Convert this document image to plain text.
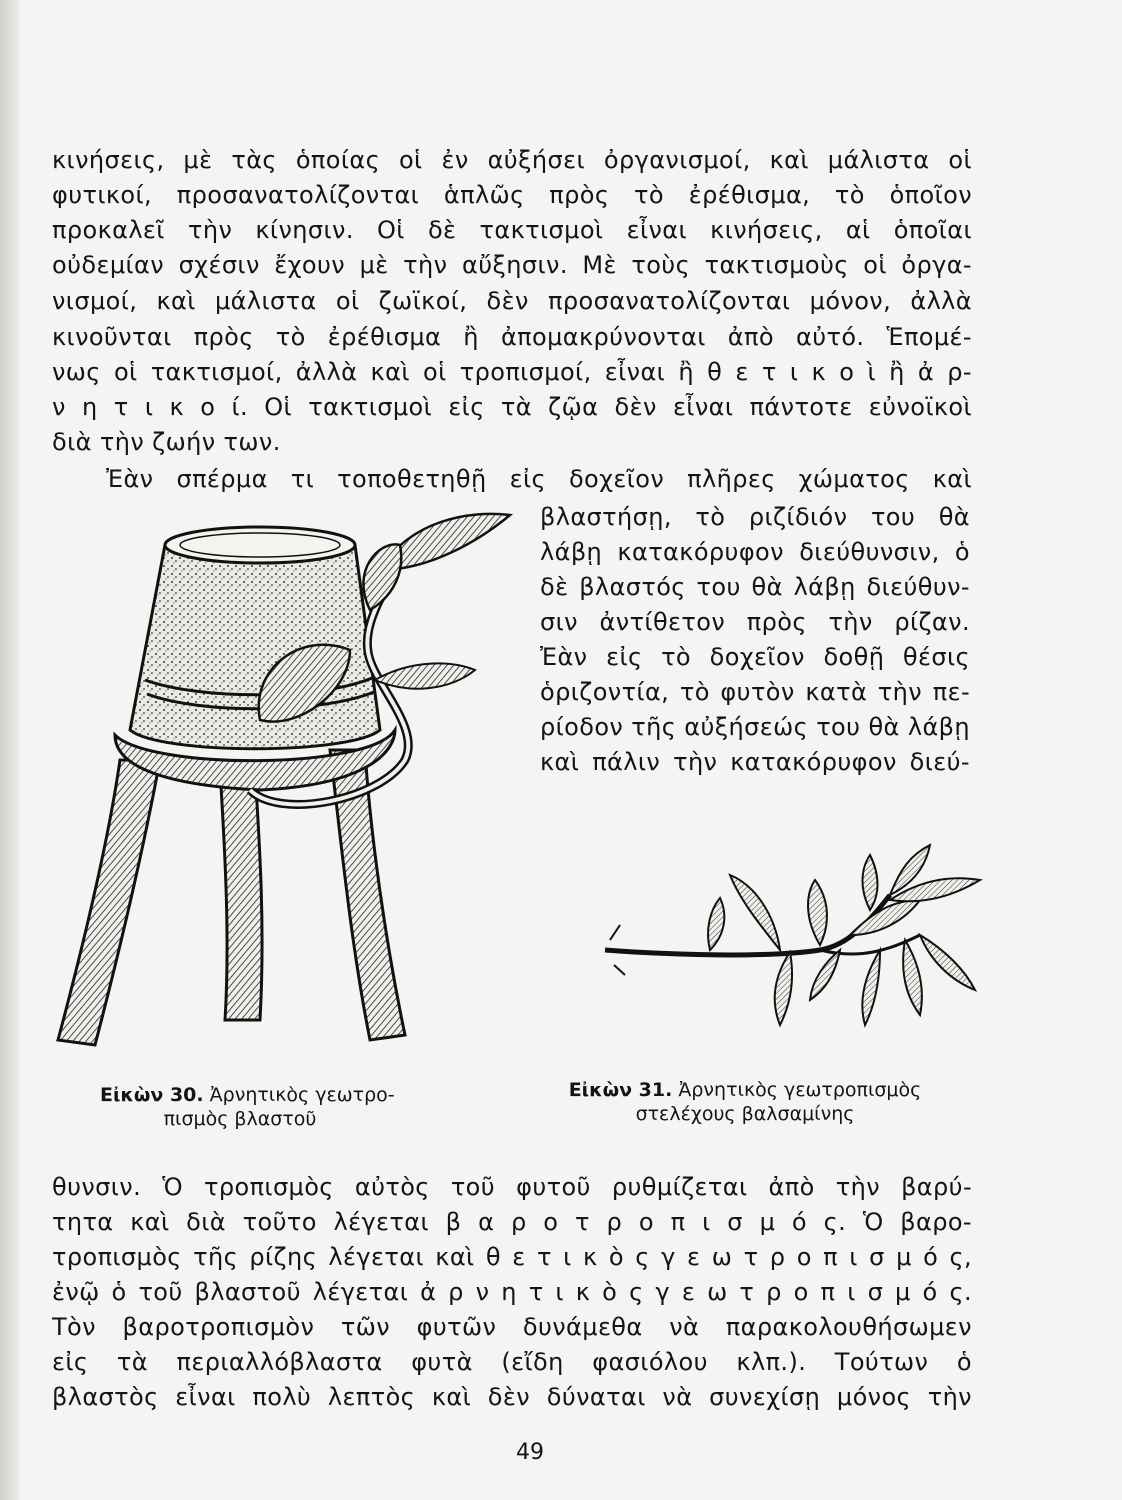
κινήσεις, μὲ τὰς ὁποίας οἱ ἐν αὐξήσει ὀργανισμοί, καὶ μάλιστα οἱ
φυτικοί, προσανατολίζονται ἁπλῶς πρὸς τὸ ἐρέθισμα, τὸ ὁποῖον
προκαλεῖ τὴν κίνησιν. Οἱ δὲ τακτισμοὶ εἶναι κινήσεις, αἱ ὁποῖαι
οὐδεμίαν σχέσιν ἔχουν μὲ τὴν αὔξησιν. Μὲ τοὺς τακτισμοὺς οἱ ὀργα-
νισμοί, καὶ μάλιστα οἱ ζωϊκοί, δὲν προσανατολίζονται μόνον, ἀλλὰ
κινοῦνται πρὸς τὸ ἐρέθισμα ἢ ἀπομακρύνονται ἀπὸ αὐτό. Ἑπομέ-
νως οἱ τακτισμοί, ἀλλὰ καὶ οἱ τροπισμοί, εἶναι ἢ θ ε τ ι κ ο ὶ ἢ ἀ ρ-
ν η τ ι κ ο ί. Οἱ τακτισμοὶ εἰς τὰ ζῷα δὲν εἶναι πάντοτε εὐνοϊκοὶ
διὰ τὴν ζωήν των.
Ἐὰν σπέρμα τι τοποθετηθῇ εἰς δοχεῖον πλῆρες χώματος καὶ
βλαστήσῃ, τὸ ριζίδιόν του θὰ
λάβῃ κατακόρυφον διεύθυνσιν, ὁ
δὲ βλαστός του θὰ λάβῃ διεύθυν-
σιν ἀντίθετον πρὸς τὴν ρίζαν.
Ἐὰν εἰς τὸ δοχεῖον δοθῇ θέσις
ὁριζοντία, τὸ φυτὸν κατὰ τὴν πε-
ρίοδον τῆς αὐξήσεώς του θὰ λάβῃ
καὶ πάλιν τὴν κατακόρυφον διεύ-
Εἰκὼν 30. Ἀρνητικὸς γεωτρο-
πισμὸς βλαστοῦ
Εἰκὼν 31. Ἀρνητικὸς γεωτροπισμὸς
στελέχους βαλσαμίνης
θυνσιν. Ὁ τροπισμὸς αὐτὸς τοῦ φυτοῦ ρυθμίζεται ἀπὸ τὴν βαρύ-
τητα καὶ διὰ τοῦτο λέγεται β α ρ ο τ ρ ο π ι σ μ ό ς. Ὁ βαρο-
τροπισμὸς τῆς ρίζης λέγεται καὶ θ ε τ ι κ ὸ ς γ ε ω τ ρ ο π ι σ μ ό ς,
ἐνῷ ὁ τοῦ βλαστοῦ λέγεται ἀ ρ ν η τ ι κ ὸ ς γ ε ω τ ρ ο π ι σ μ ό ς.
Τὸν βαροτροπισμὸν τῶν φυτῶν δυνάμεθα νὰ παρακολουθήσωμεν
εἰς τὰ περιαλλόβλαστα φυτὰ (εἴδη φασιόλου κλπ.). Τούτων ὁ
βλαστὸς εἶναι πολὺ λεπτὸς καὶ δὲν δύναται νὰ συνεχίσῃ μόνος τὴν
49
